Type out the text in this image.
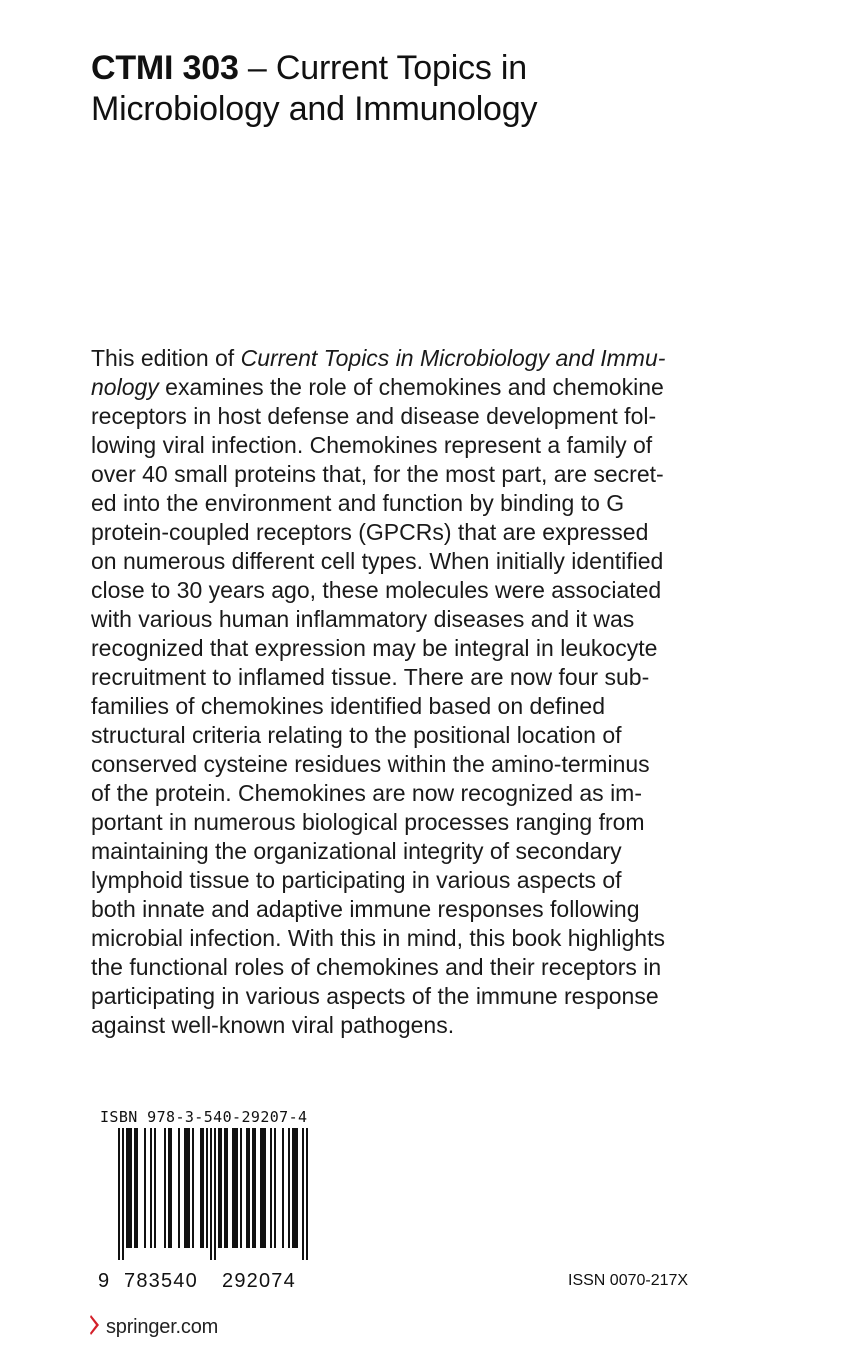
CTMI 303 – Current Topics in
Microbiology and Immunology
This edition of Current Topics in Microbiology and Immu-
nology examines the role of chemokines and chemokine
receptors in host defense and disease development fol-
lowing viral infection. Chemokines represent a family of
over 40 small proteins that, for the most part, are secret-
ed into the environment and function by binding to G
protein-coupled receptors (GPCRs) that are expressed
on numerous different cell types. When initially identified
close to 30 years ago, these molecules were associated
with various human inflammatory diseases and it was
recognized that expression may be integral in leukocyte
recruitment to inflamed tissue. There are now four sub-
families of chemokines identified based on defined
structural criteria relating to the positional location of
conserved cysteine residues within the amino-terminus
of the protein. Chemokines are now recognized as im-
portant in numerous biological processes ranging from
maintaining the organizational integrity of secondary
lymphoid tissue to participating in various aspects of
both innate and adaptive immune responses following
microbial infection. With this in mind, this book highlights
the functional roles of chemokines and their receptors in
participating in various aspects of the immune response
against well-known viral pathogens.
ISBN 978-3-540-29207-4
9 783540 292074	ISSN 0070-217X
springer.com
